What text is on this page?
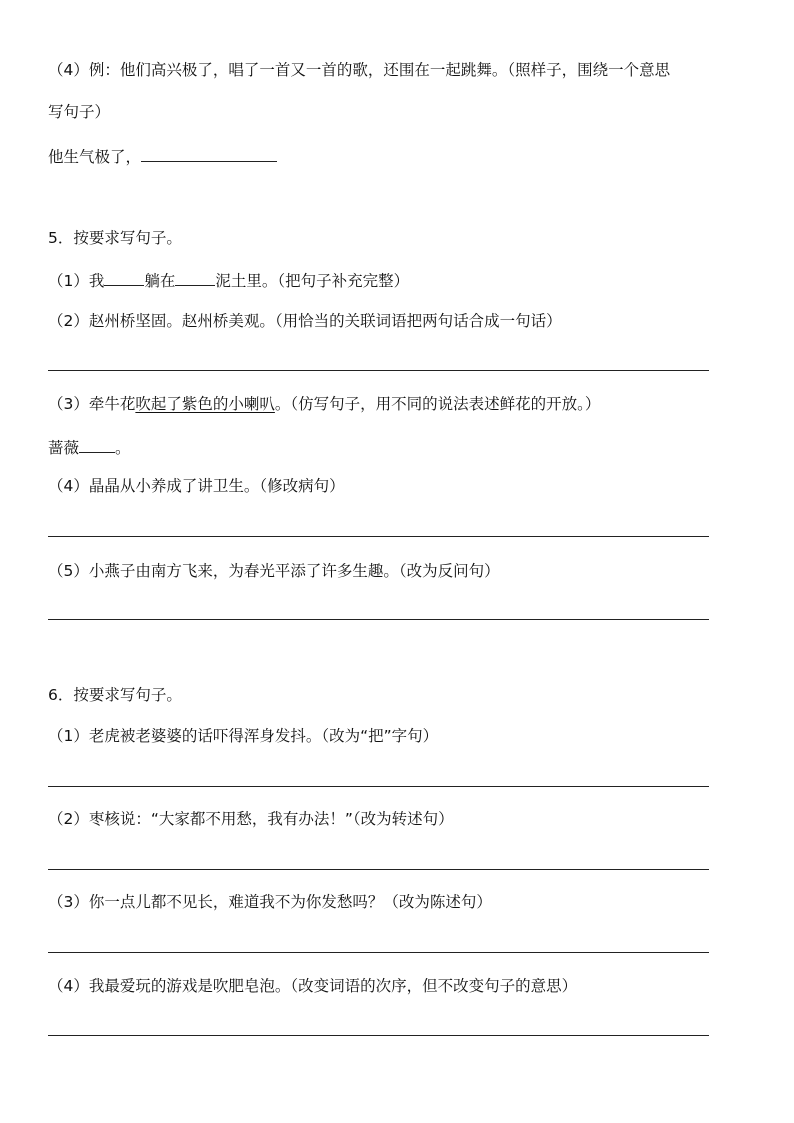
（4）例：他们高兴极了，唱了一首又一首的歌，还围在一起跳舞。（照样子，围绕一个意思
写句子）
他生气极了，
5．按要求写句子。
（1）我	躺在	泥土里。（把句子补充完整）
（2）赵州桥坚固。赵州桥美观。（用恰当的关联词语把两句话合成一句话）
（3）牵牛花吹起了紫色的小喇叭。（仿写句子，用不同的说法表述鲜花的开放。）
蔷薇 。
（4）晶晶从小养成了讲卫生。（修改病句）
（5）小燕子由南方飞来，为春光平添了许多生趣。（改为反问句）
6．按要求写句子。
（1）老虎被老婆婆的话吓得浑身发抖。（改为“把”字句）
（2）枣核说：“大家都不用愁，我有办法！”（改为转述句）
（3）你一点儿都不见长，难道我不为你发愁吗？（改为陈述句）
（4）我最爱玩的游戏是吹肥皂泡。（改变词语的次序，但不改变句子的意思）
